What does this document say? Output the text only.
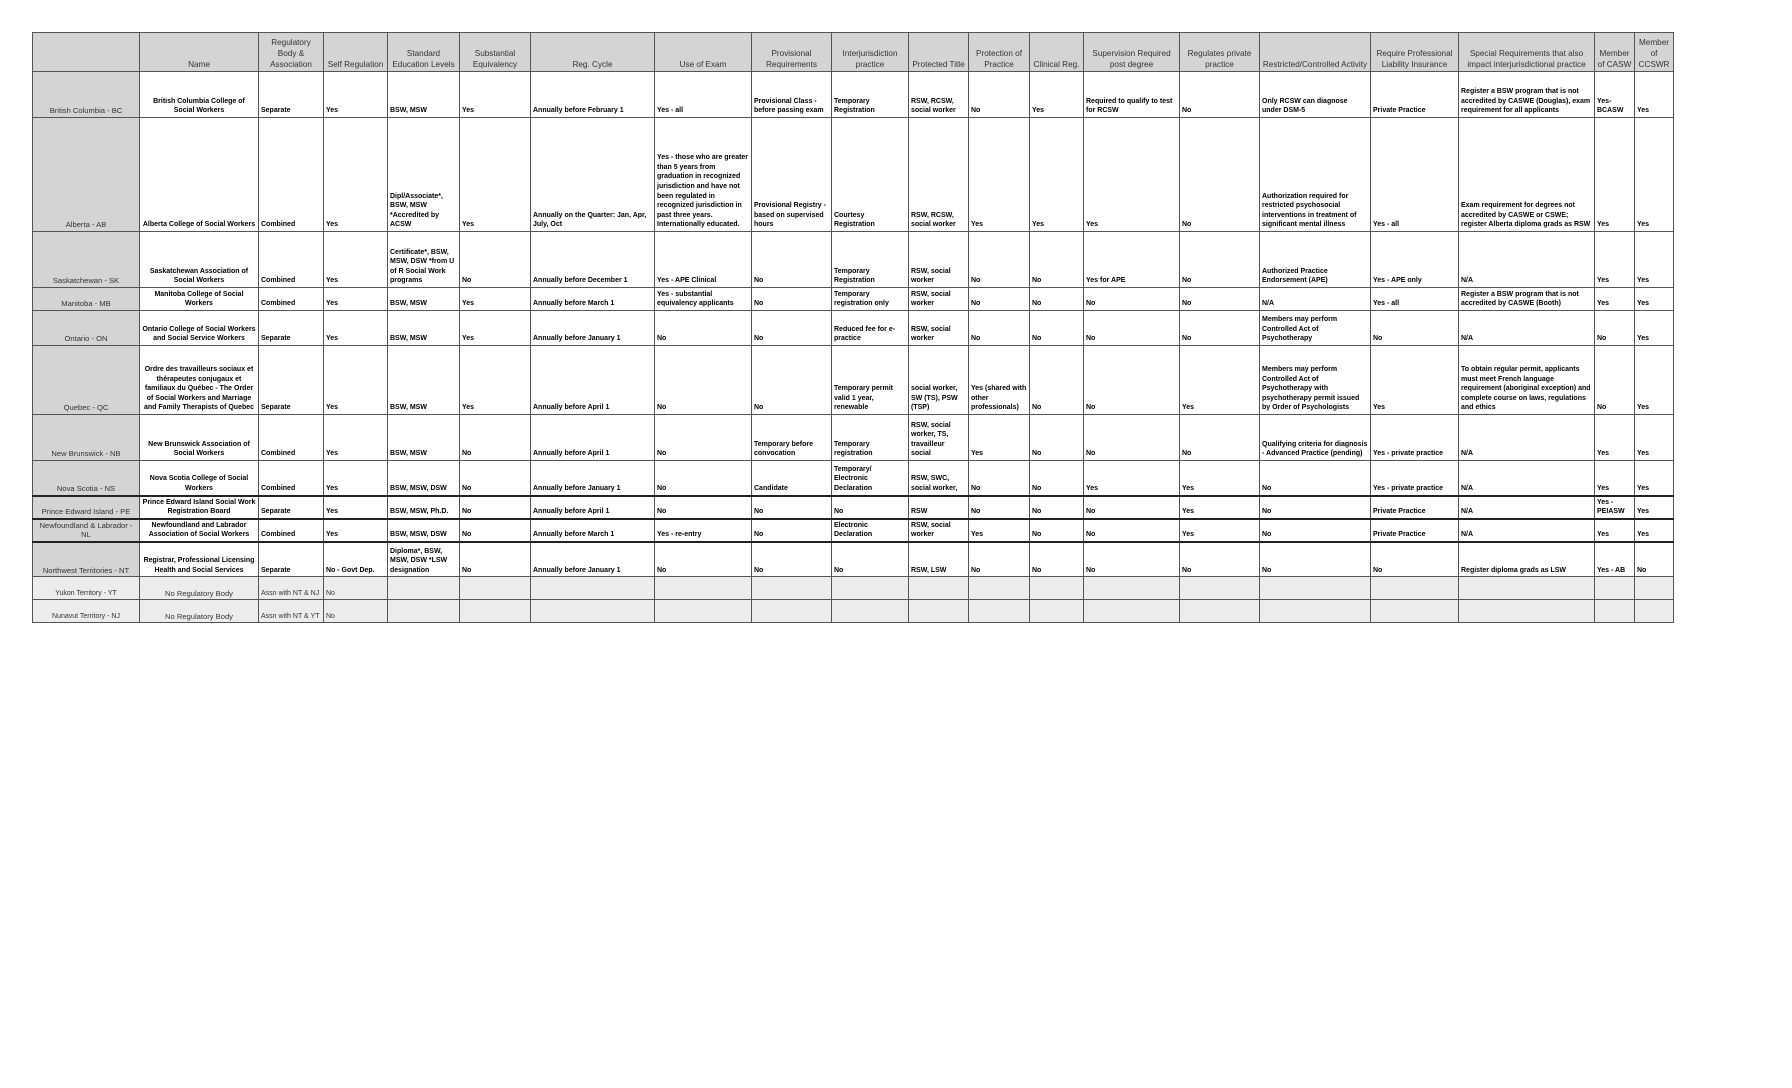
	Name	Regulatory Body & Association	Self Regulation	Standard Education Levels	Substantial Equivalency	Reg. Cycle	Use of Exam	Provisional Requirements	Interjurisdiction practice	Protected Title	Protection of Practice	Clinical Reg.	Supervision Required post degree	Regulates private practice	Restricted/Controlled Activity	Require Professional Liability Insurance	Special Requirements that also impact interjurisdictional practice	Member of CASW	Member of CCSWR
British Columbia - BC	British Columbia College of Social Workers	Separate	Yes	BSW, MSW	Yes	Annually before February 1	Yes - all	Provisional Class - before passing exam	Temporary Registration	RSW, RCSW, social worker	No	Yes	Required to qualify to test for RCSW	No	Only RCSW can diagnose under DSM-5	Private Practice	Register a BSW program that is not accredited by CASWE (Douglas), exam requirement for all applicants	Yes-BCASW	Yes
Alberta - AB	Alberta College of Social Workers	Combined	Yes	Dipl/Associate*, BSW, MSW *Accredited by ACSW	Yes	Annually on the Quarter: Jan, Apr, July, Oct	Yes - those who are greater than 5 years from graduation in recognized jurisdiction and have not been regulated in recognized jurisdiction in past three years. Internationally educated.	Provisional Registry - based on supervised hours	Courtesy Registration	RSW, RCSW, social worker	Yes	Yes	Yes	No	Authorization required for restricted psychosocial interventions in treatment of significant mental illness	Yes - all	Exam requirement for degrees not accredited by CASWE or CSWE; register Alberta diploma grads as RSW	Yes	Yes
Saskatchewan - SK	Saskatchewan Association of Social Workers	Combined	Yes	Certificate*, BSW, MSW, DSW *from U of R Social Work programs	No	Annually before December 1	Yes - APE Clinical	No	Temporary Registration	RSW, social worker	No	No	Yes for APE	No	Authorized Practice Endorsement (APE)	Yes - APE only	N/A	Yes	Yes
Manitoba - MB	Manitoba College of Social Workers	Combined	Yes	BSW, MSW	Yes	Annually before March 1	Yes - substantial equivalency applicants	No	Temporary registration only	RSW, social worker	No	No	No	No	N/A	Yes - all	Register a BSW program that is not accredited by CASWE (Booth)	Yes	Yes
Ontario - ON	Ontario College of Social Workers and Social Service Workers	Separate	Yes	BSW, MSW	Yes	Annually before January 1	No	No	Reduced fee for e-practice	RSW, social worker	No	No	No	No	Members may perform Controlled Act of Psychotherapy	No	N/A	No	Yes
Quebec - QC	Ordre des travailleurs sociaux et thérapeutes conjugaux et familiaux du Québec - The Order of Social Workers and Marriage and Family Therapists of Quebec	Separate	Yes	BSW, MSW	Yes	Annually before April 1	No	No	Temporary permit valid 1 year, renewable	social worker, SW (TS), PSW (TSP)	Yes (shared with other professionals)	No	No	Yes	Members may perform Controlled Act of Psychotherapy with psychotherapy permit issued by Order of Psychologists	Yes	To obtain regular permit, applicants must meet French language requirement (aboriginal exception) and complete course on laws, regulations and ethics	No	Yes
New Brunswick - NB	New Brunswick Association of Social Workers	Combined	Yes	BSW, MSW	No	Annually before April 1	No	Temporary before convocation	Temporary registration	RSW, social worker, TS, travailleur social	Yes	No	No	No	Qualifying criteria for diagnosis - Advanced Practice (pending)	Yes - private practice	N/A	Yes	Yes
Nova Scotia - NS	Nova Scotia College of Social Workers	Combined	Yes	BSW, MSW, DSW	No	Annually before January 1	No	Candidate	Temporary/ Electronic Declaration	RSW, SWC, social worker,	No	No	Yes	Yes	No	Yes - private practice	N/A	Yes	Yes
Prince Edward Island - PE	Prince Edward Island Social Work Registration Board	Separate	Yes	BSW, MSW, Ph.D.	No	Annually before April 1	No	No	No	RSW	No	No	No	Yes	No	Private Practice	N/A	Yes - PEIASW	Yes
Newfoundland & Labrador - NL	Newfoundland and Labrador Association of Social Workers	Combined	Yes	BSW, MSW, DSW	No	Annually before March 1	Yes - re-entry	No	Electronic Declaration	RSW, social worker	Yes	No	No	Yes	No	Private Practice	N/A	Yes	Yes
Northwest Territories - NT	Registrar, Professional Licensing Health and Social Services	Separate	No - Govt Dep.	Diploma*, BSW, MSW, DSW *LSW designation	No	Annually before January 1	No	No	No	RSW, LSW	No	No	No	No	No	No	Register diploma grads as LSW	Yes - AB	No
Yukon Territory - YT	No Regulatory Body	Assn with NT & NJ	No																
Nunavut Territory - NJ	No Regulatory Body	Assn with NT & YT	No																
